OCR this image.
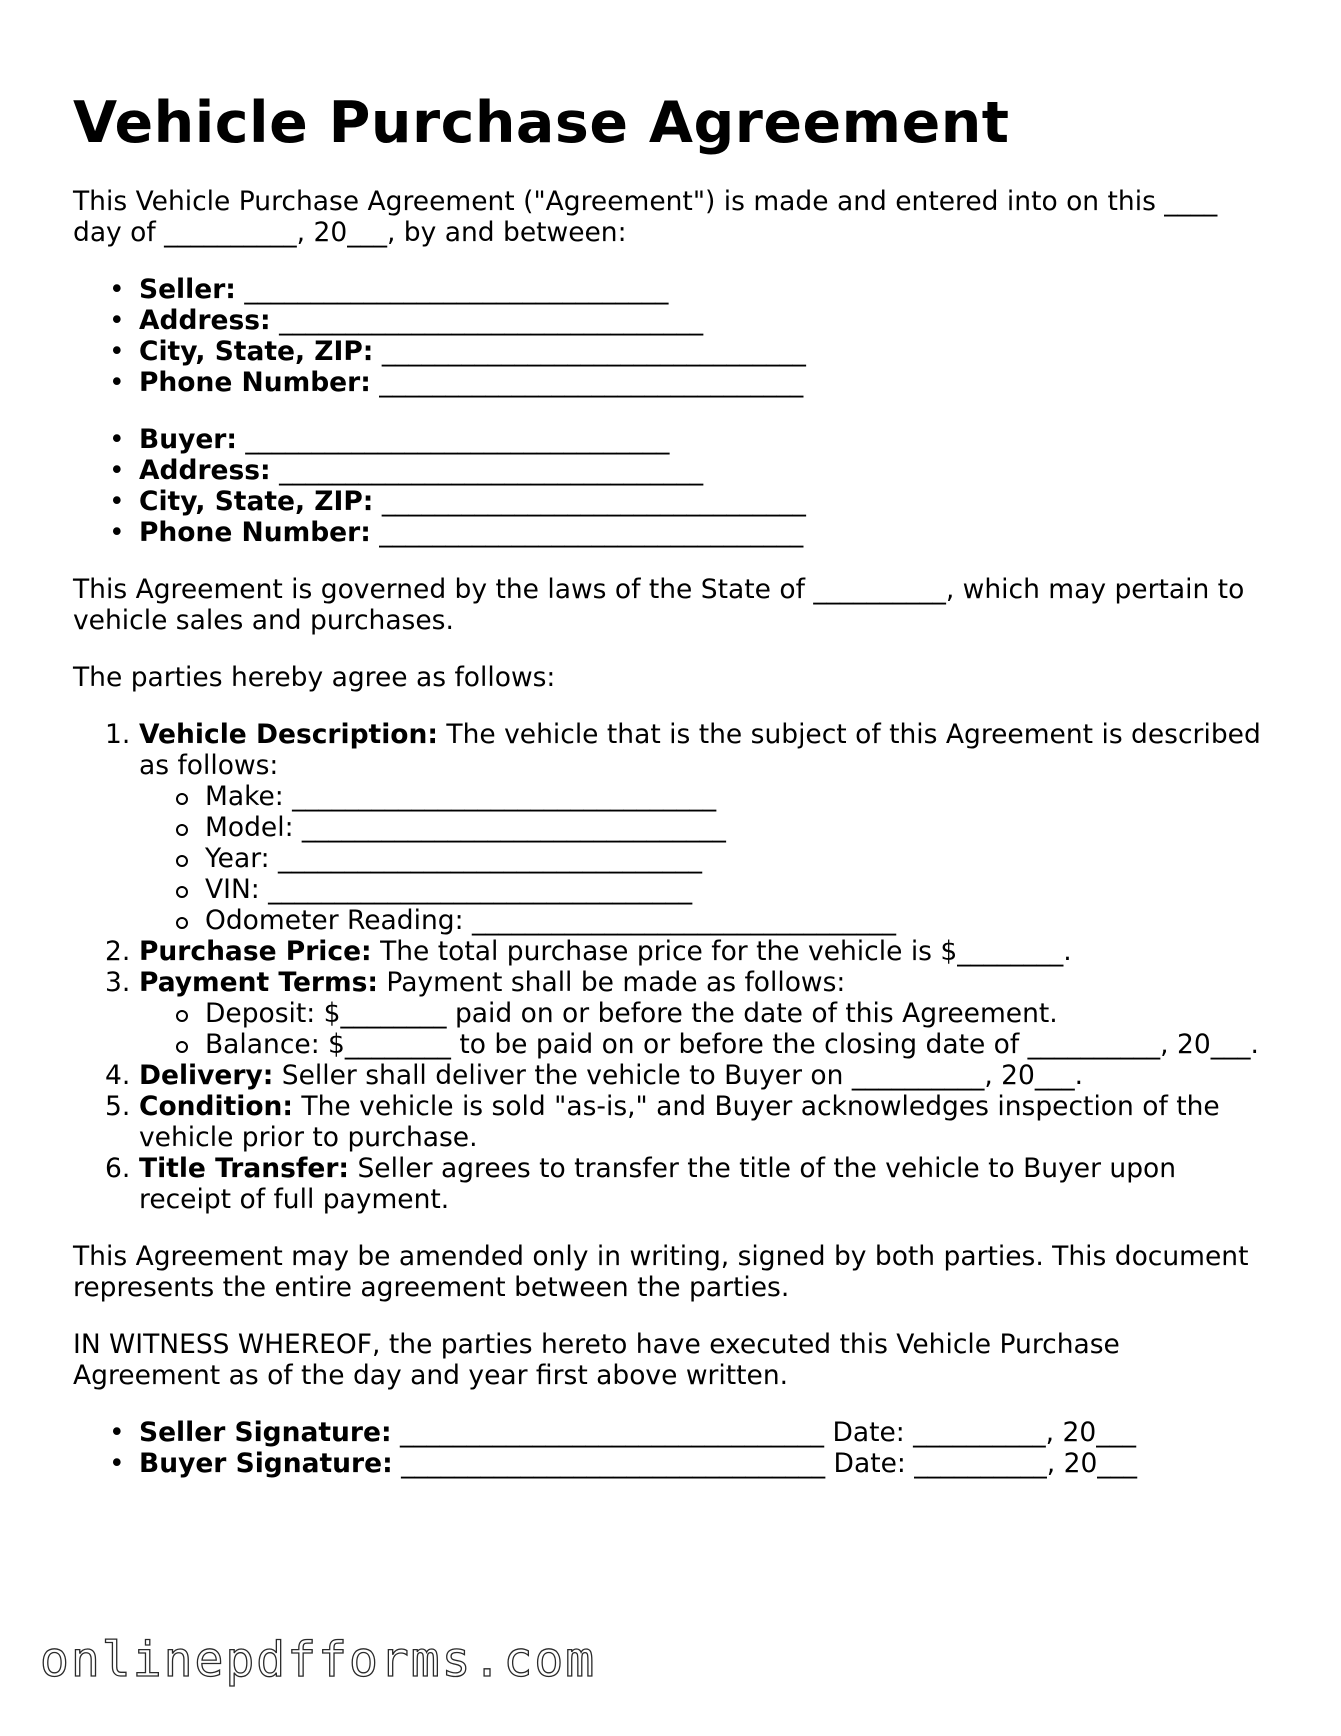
Vehicle Purchase Agreement

This Vehicle Purchase Agreement ("Agreement") is made and entered into on this ____ day of __________, 20___, by and between:

• Seller: ________________________________
• Address: ________________________________
• City, State, ZIP: ________________________________
• Phone Number: ________________________________
• Buyer: ________________________________
• Address: ________________________________
• City, State, ZIP: ________________________________
• Phone Number: ________________________________

This Agreement is governed by the laws of the State of __________, which may pertain to vehicle sales and purchases.

The parties hereby agree as follows:

1. Vehicle Description: The vehicle that is the subject of this Agreement is described as follows:
Make: ________________________________
Model: ________________________________
Year: ________________________________
VIN: ________________________________
Odometer Reading: ________________________________
2. Purchase Price: The total purchase price for the vehicle is $________.
3. Payment Terms: Payment shall be made as follows:
Deposit: $________ paid on or before the date of this Agreement.
Balance: $________ to be paid on or before the closing date of __________, 20___.
4. Delivery: Seller shall deliver the vehicle to Buyer on __________, 20___.
5. Condition: The vehicle is sold "as-is," and Buyer acknowledges inspection of the vehicle prior to purchase.
6. Title Transfer: Seller agrees to transfer the title of the vehicle to Buyer upon receipt of full payment.

This Agreement may be amended only in writing, signed by both parties. This document represents the entire agreement between the parties.

IN WITNESS WHEREOF, the parties hereto have executed this Vehicle Purchase Agreement as of the day and year first above written.

• Seller Signature: ________________________________ Date: __________, 20___
• Buyer Signature: ________________________________ Date: __________, 20___
onlinepdfforms.com
